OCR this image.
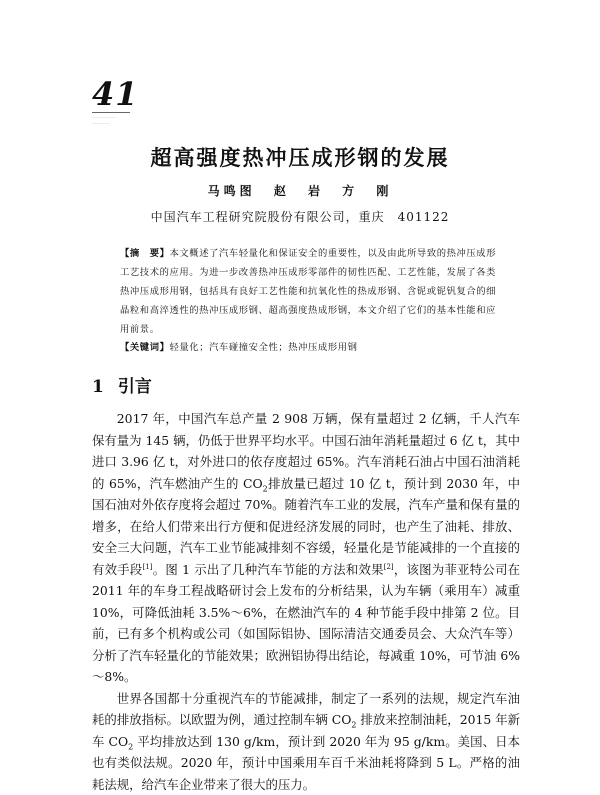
41
……………………
………………
超高强度热冲压成形钢的发展
马鸣图 赵 岩 方 刚
中国汽车工程研究院股份有限公司，重庆　401122
【摘　要】本文概述了汽车轻量化和保证安全的重要性，以及由此所导致的热冲压成形工艺技术的应用。为进一步改善热冲压成形零部件的韧性匹配、工艺性能，发展了各类热冲压成形用钢，包括具有良好工艺性能和抗氧化性的热成形钢、含铌或铌钒复合的细晶粒和高淬透性的热冲压成形钢、超高强度热成形钢，本文介绍了它们的基本性能和应用前景。
【关键词】轻量化；汽车碰撞安全性；热冲压成形用钢
1 引言

2017 年，中国汽车总产量 2 908 万辆，保有量超过 2 亿辆，千人汽车保有量为 145 辆，仍低于世界平均水平。中国石油年消耗量超过 6 亿 t，其中进口 3.96 亿 t，对外进口的依存度超过 65%。汽车消耗石油占中国石油消耗的 65%，汽车燃油产生的 $CO_2$排放量已超过 10 亿 t，预计到 2030 年，中国石油对外依存度将会超过 70%。随着汽车工业的发展，汽车产量和保有量的增多，在给人们带来出行方便和促进经济发展的同时，也产生了油耗、排放、安全三大问题，汽车工业节能减排刻不容缓，轻量化是节能减排的一个直接的有效手段[1]。图 1 示出了几种汽车节能的方法和效果[2]，该图为菲亚特公司在 2011 年的车身工程战略研讨会上发布的分析结果，认为车辆（乘用车）减重 10%，可降低油耗 3.5%～6%，在燃油汽车的 4 种节能手段中排第 2 位。目前，已有多个机构或公司（如国际铝协、国际清洁交通委员会、大众汽车等）分析了汽车轻量化的节能效果；欧洲铝协得出结论，每减重 10%，可节油 6%～8%。

世界各国都十分重视汽车的节能减排，制定了一系列的法规，规定汽车油耗的排放指标。以欧盟为例，通过控制车辆 $CO_2$ 排放来控制油耗，2015 年新车 $CO_2$ 平均排放达到 130 g/km，预计到 2020 年为 95 g/km。美国、日本也有类似法规。2020 年，预计中国乘用车百千米油耗将降到 5 L。严格的油耗法规，给汽车企业带来了很大的压力。
